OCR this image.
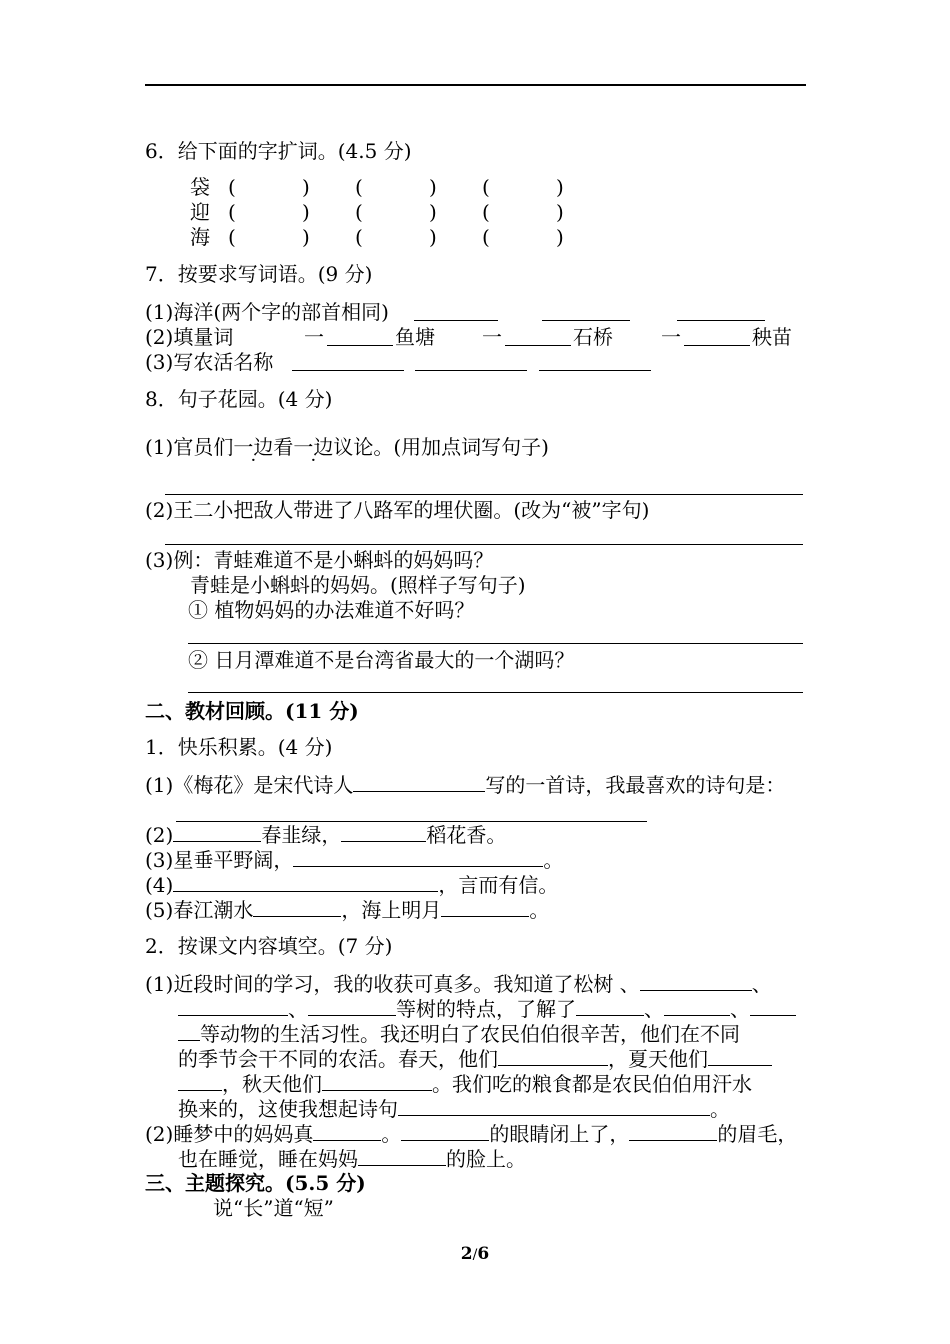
6．给下面的字扩词。(4.5 分)
袋 (	) (	) (	)
迎 (	) (	) (	)
海 (	) (	) (	)
7．按要求写词语。(9 分)
(1)海洋(两个字的部首相同)
(2)填量词	一	鱼塘 一	石桥 一	秧苗
(3)写农活名称
8．句子花园。(4 分)
(1)官员们一边看一边议论。(用加点词写句子)
(2)王二小把敌人带进了八路军的埋伏圈。(改为“被”字句)
(3)例：青蛙难道不是小蝌蚪的妈妈吗？
青蛙是小蝌蚪的妈妈。(照样子写句子)
① 植物妈妈的办法难道不好吗？
② 日月潭难道不是台湾省最大的一个湖吗？
二、教材回顾。(11 分)
1．快乐积累。(4 分)
(1)《梅花》是宋代诗人	写的一首诗，我最喜欢的诗句是：
(2)	春韭绿，	稻花香。
(3)星垂平野阔，	。
(4)	，言而有信。
(5)春江潮水	，海上明月	。
2．按课文内容填空。(7 分)
(1)近段时间的学习，我的收获可真多。我知道了松树 、	、
、	等树的特点，了解了	、	、
等动物的生活习性。我还明白了农民伯伯很辛苦，他们在不同
的季节会干不同的农活。春天，他们	，夏天他们
，秋天他们	。我们吃的粮食都是农民伯伯用汗水
换来的，这使我想起诗句	。
(2)睡梦中的妈妈真	。	的眼睛闭上了，	的眉毛，
也在睡觉，睡在妈妈	的脸上。
三、主题探究。(5.5 分)
说“长”道“短”
2/6
